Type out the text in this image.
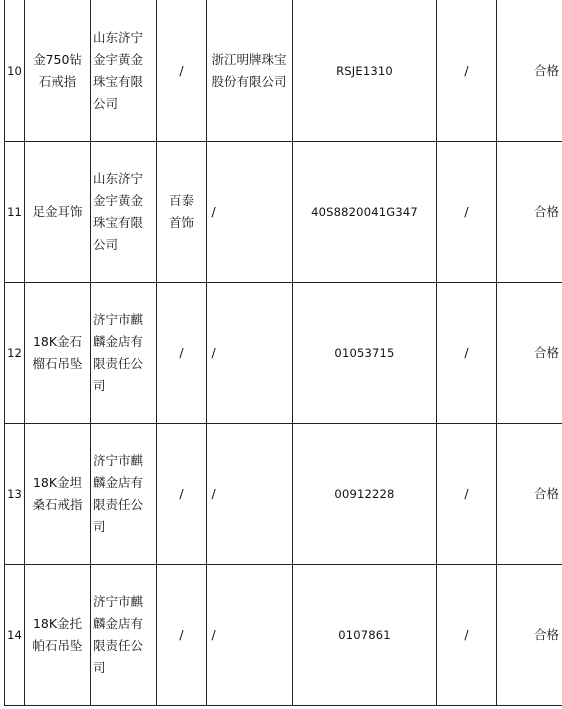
10	金750钻石戒指	山东济宁金宇黄金珠宝有限公司	/	浙江明牌珠宝股份有限公司	RSJE1310	/	合格
11	足金耳饰	山东济宁金宇黄金珠宝有限公司	百泰首饰	/	40S8820041G347	/	合格
12	18K金石榴石吊坠	济宁市麒麟金店有限责任公司	/	/	01053715	/	合格
13	18K金坦桑石戒指	济宁市麒麟金店有限责任公司	/	/	00912228	/	合格
14	18K金托帕石吊坠	济宁市麒麟金店有限责任公司	/	/	0107861	/	合格
